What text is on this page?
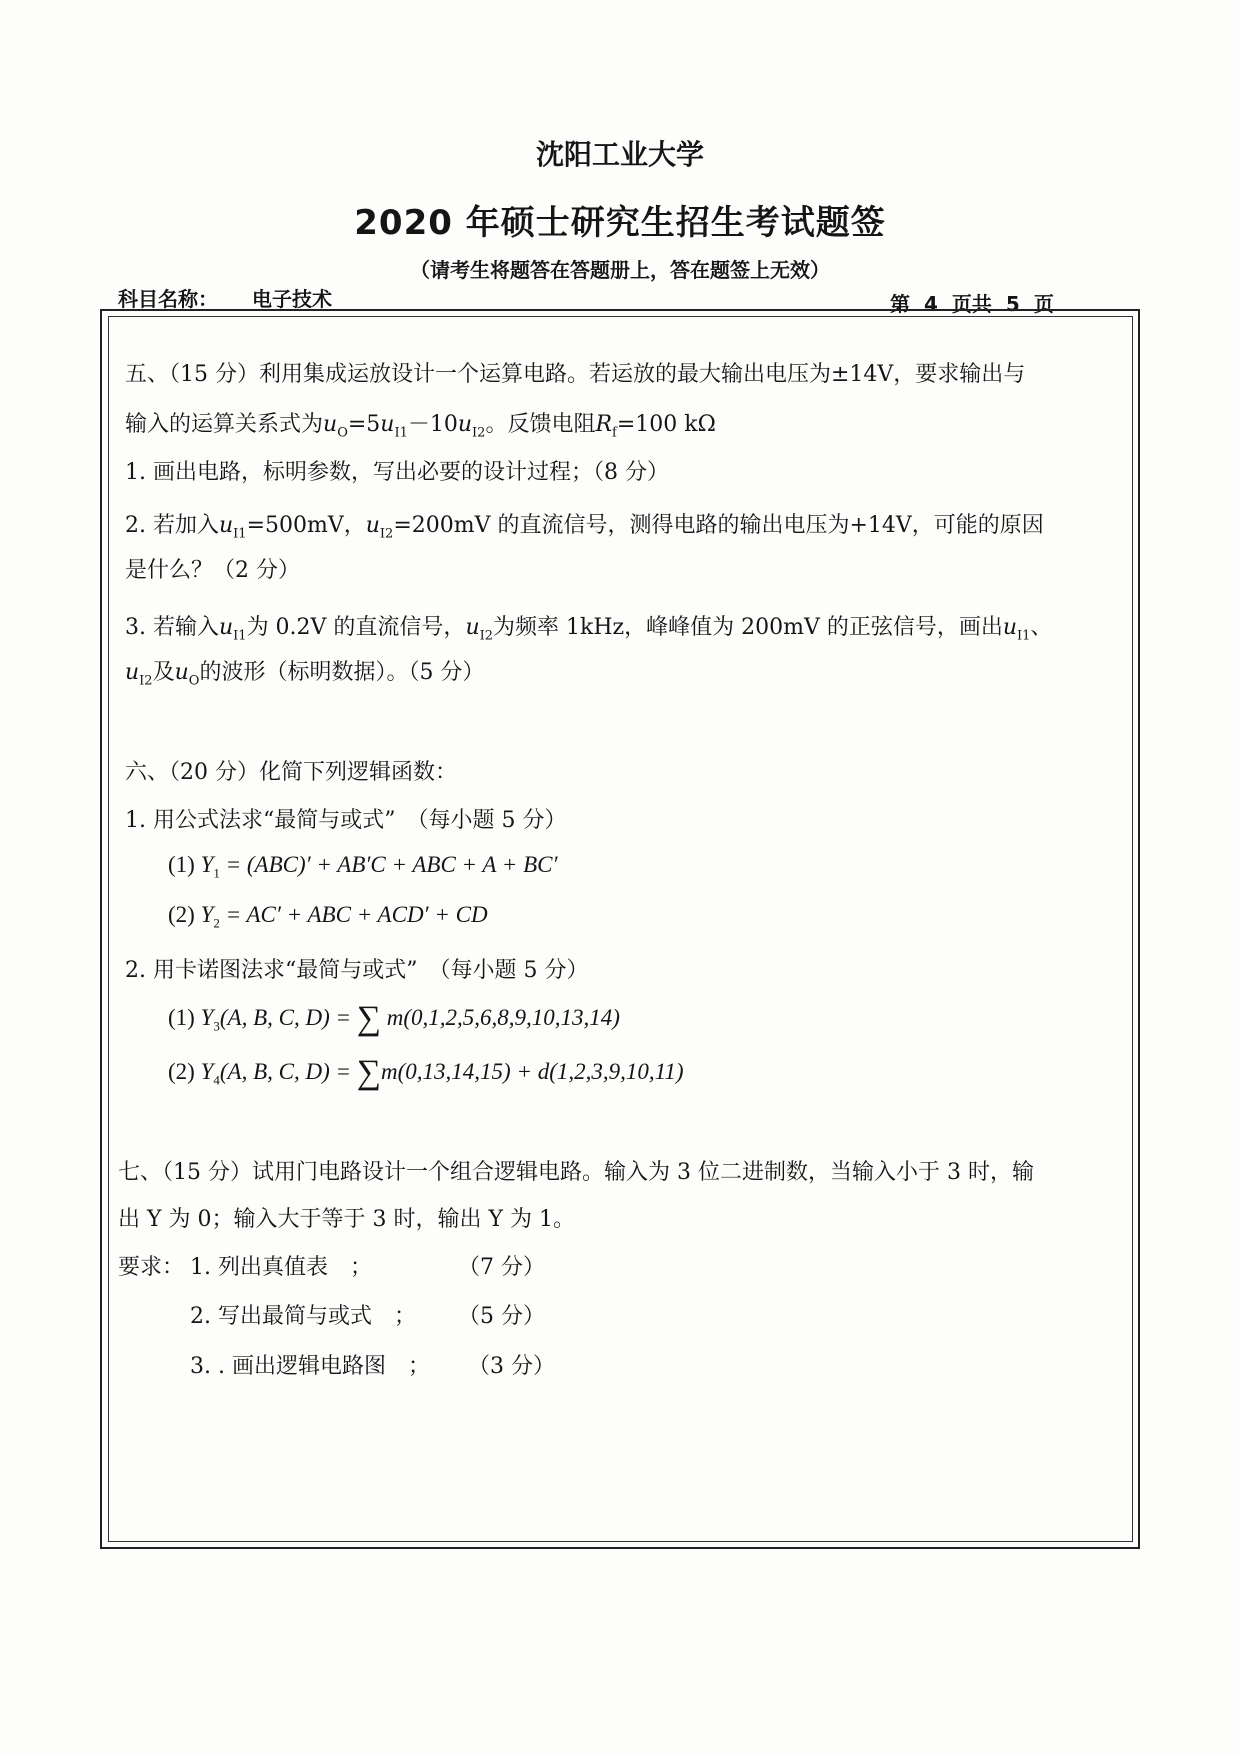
沈阳工业大学
2020 年硕士研究生招生考试题签
（请考生将题答在答题册上，答在题签上无效）
科目名称： 电子技术	第 4 页共 5 页
五、（15 分）利用集成运放设计一个运算电路。若运放的最大输出电压为±14V，要求输出与
输入的运算关系式为$u_O=5u_{I1}-10u_{I2}$。反馈电阻$R_f=100$ kΩ
1. 画出电路，标明参数，写出必要的设计过程；（8 分）
2. 若加入$u_{I1}=500mV$，$u_{I2}=200mV$ 的直流信号，测得电路的输出电压为+14V，可能的原因
是什么？（2 分）
3. 若输入$u_{I1}$为 0.2V 的直流信号，$u_{I2}$为频率 1kHz，峰峰值为 200mV 的正弦信号，画出$u_{I1}$、
$u_{I2}$及$u_O$的波形（标明数据）。（5 分）
六、（20 分）化简下列逻辑函数：
1. 用公式法求“最简与或式”　（每小题 5 分）
(1) $Y_1 = (ABC)' + AB'C$ + ABC + A + BC′
(2) $Y_2 = AC'$ + ABC + ACD′ + CD
2. 用卡诺图法求“最简与或式”　（每小题 5 分）
(1) $Y_3(A$, B, C, D) = ∑ m(0,1,2,5,6,8,9,10,13,14)
(2) $Y_4(A$, B, C, D) = ∑m(0,13,14,15) + d(1,2,3,9,10,11)
七、（15 分）试用门电路设计一个组合逻辑电路。输入为 3 位二进制数，当输入小于 3 时，输
出 Y 为 0；输入大于等于 3 时，输出 Y 为 1。
要求： 1. 列出真值表　；	（7 分）
2. 写出最简与或式　； （5 分）
3. . 画出逻辑电路图　； （3 分）
